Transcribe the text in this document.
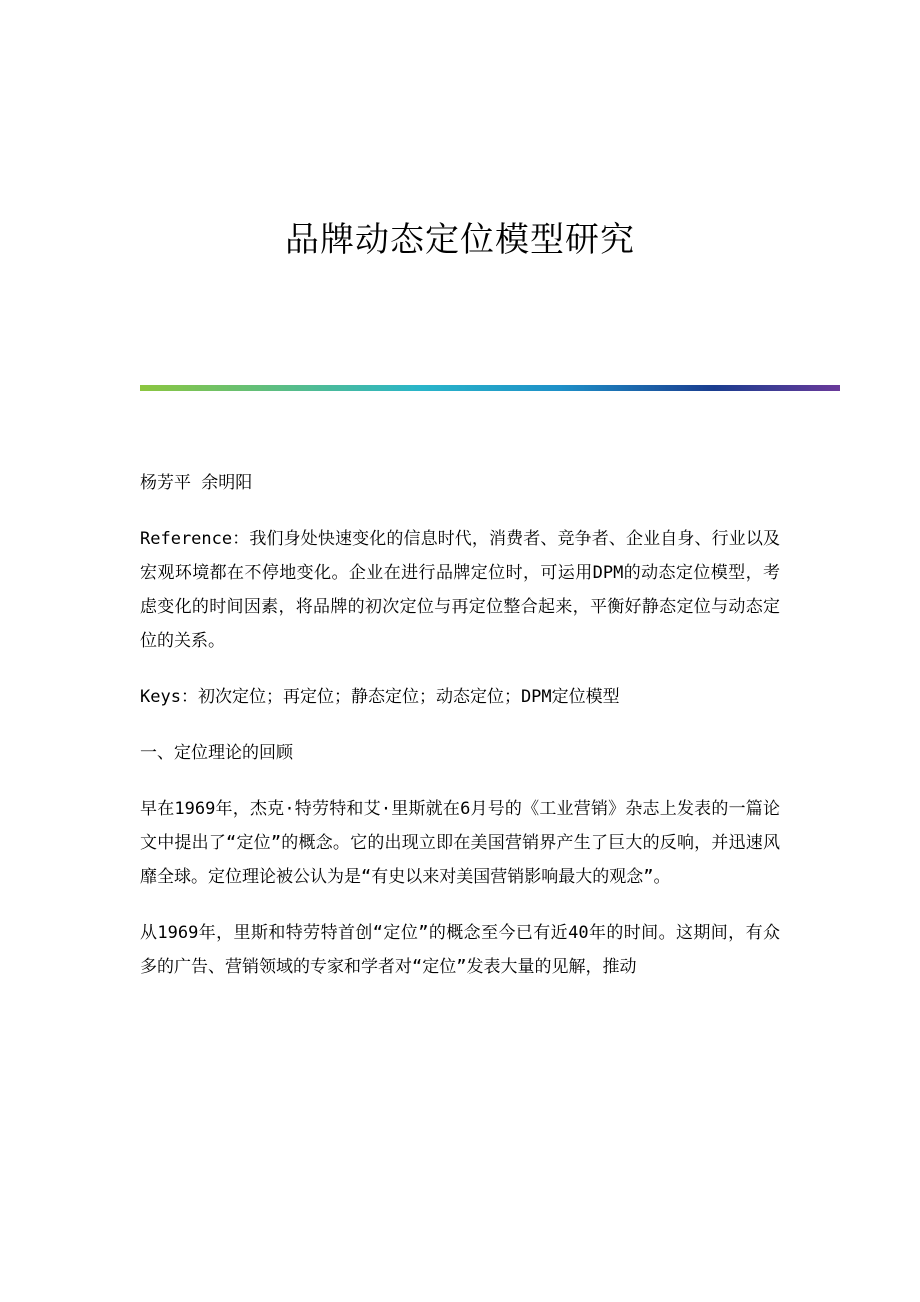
品牌动态定位模型研究

杨芳平 余明阳

Reference：我们身处快速变化的信息时代，消费者、竞争者、企业自身、行业以及宏观环境都在不停地变化。企业在进行品牌定位时，可运用DPM的动态定位模型，考虑变化的时间因素，将品牌的初次定位与再定位整合起来，平衡好静态定位与动态定位的关系。

Keys：初次定位；再定位；静态定位；动态定位；DPM定位模型

一、定位理论的回顾

早在1969年，杰克·特劳特和艾·里斯就在6月号的《工业营销》杂志上发表的一篇论文中提出了“定位”的概念。它的出现立即在美国营销界产生了巨大的反响，并迅速风靡全球。定位理论被公认为是“有史以来对美国营销影响最大的观念”。

从1969年，里斯和特劳特首创“定位”的概念至今已有近40年的时间。这期间，有众多的广告、营销领域的专家和学者对“定位”发表大量的见解，推动
